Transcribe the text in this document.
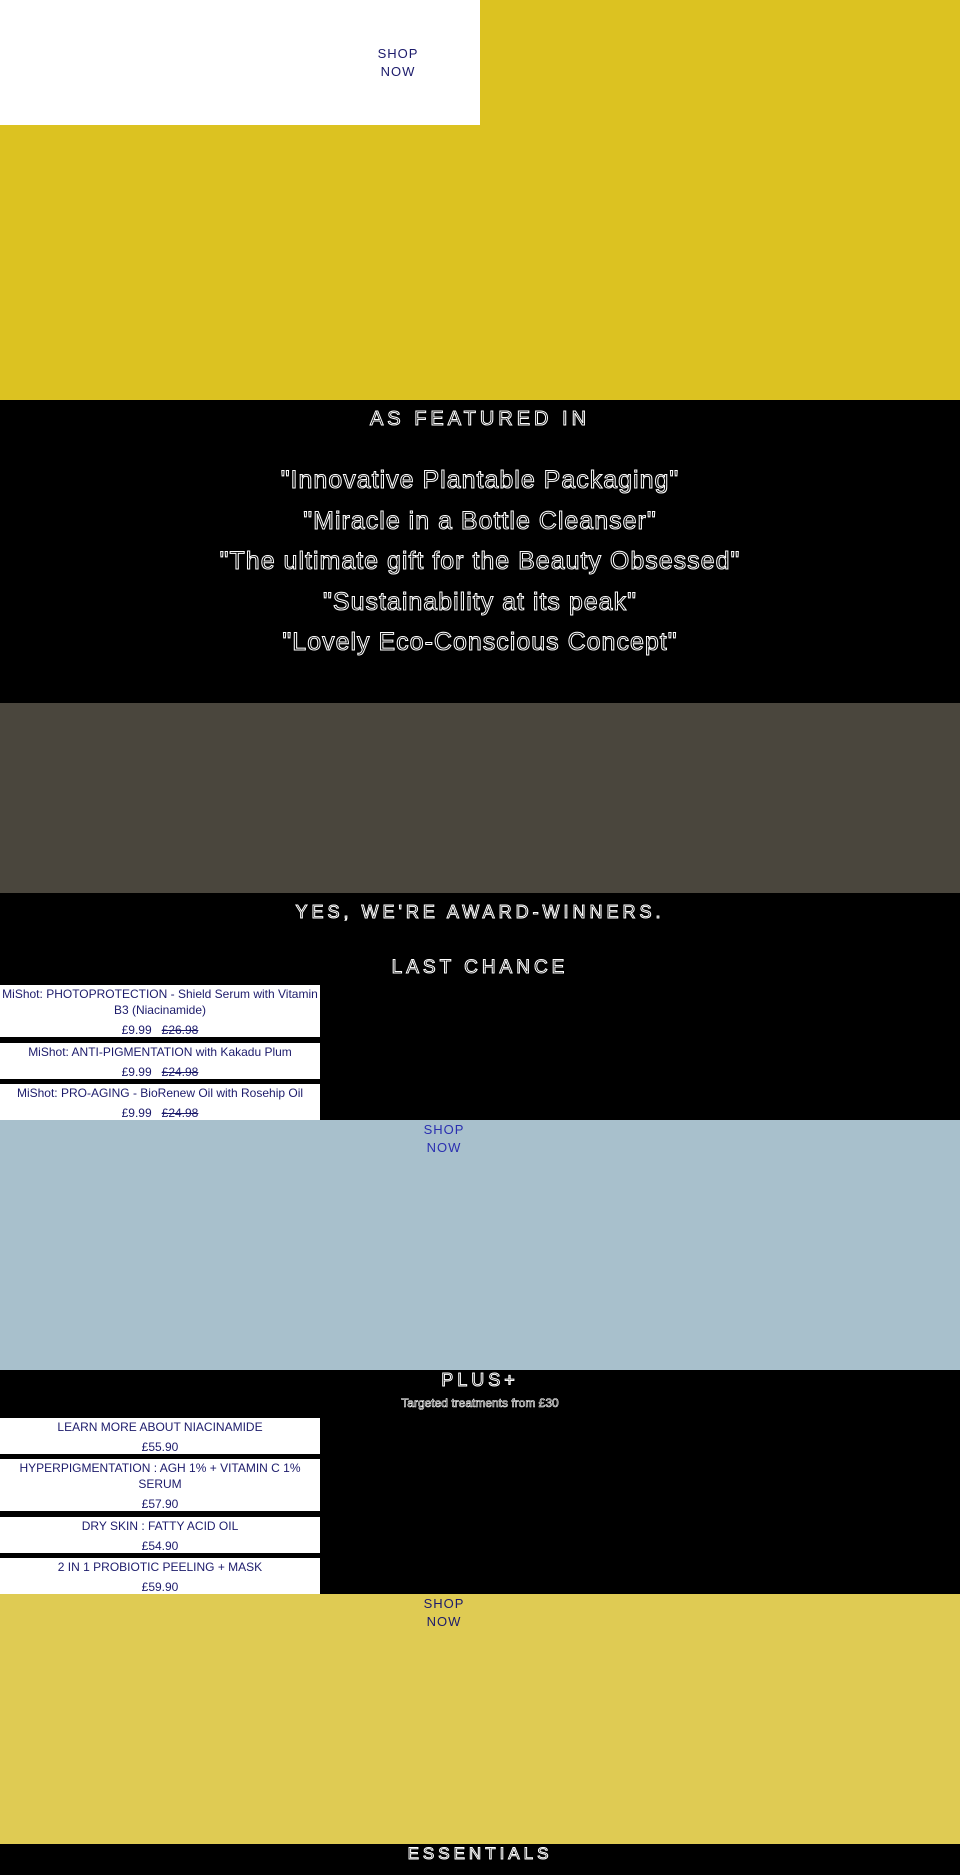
SHOP
NOW
AS FEATURED IN
"Innovative Plantable Packaging"
"Miracle in a Bottle Cleanser"
"The ultimate gift for the Beauty Obsessed"
"Sustainability at its peak"
"Lovely Eco-Conscious Concept"
YES, WE'RE AWARD-WINNERS.
LAST CHANCE
MiShot: PHOTOPROTECTION - Shield Serum with Vitamin B3 (Niacinamide)
£9.99 £26.98
MiShot: ANTI-PIGMENTATION with Kakadu Plum
£9.99 £24.98
MiShot: PRO-AGING - BioRenew Oil with Rosehip Oil
£9.99 £24.98
SHOP
NOW
PLUS+
Targeted treatments from £30
LEARN MORE ABOUT NIACINAMIDE
£55.90
HYPERPIGMENTATION : AGH 1% + VITAMIN C 1% SERUM
£57.90
DRY SKIN : FATTY ACID OIL
£54.90
2 IN 1 PROBIOTIC PEELING + MASK
£59.90
SHOP
NOW
ESSENTIALS
